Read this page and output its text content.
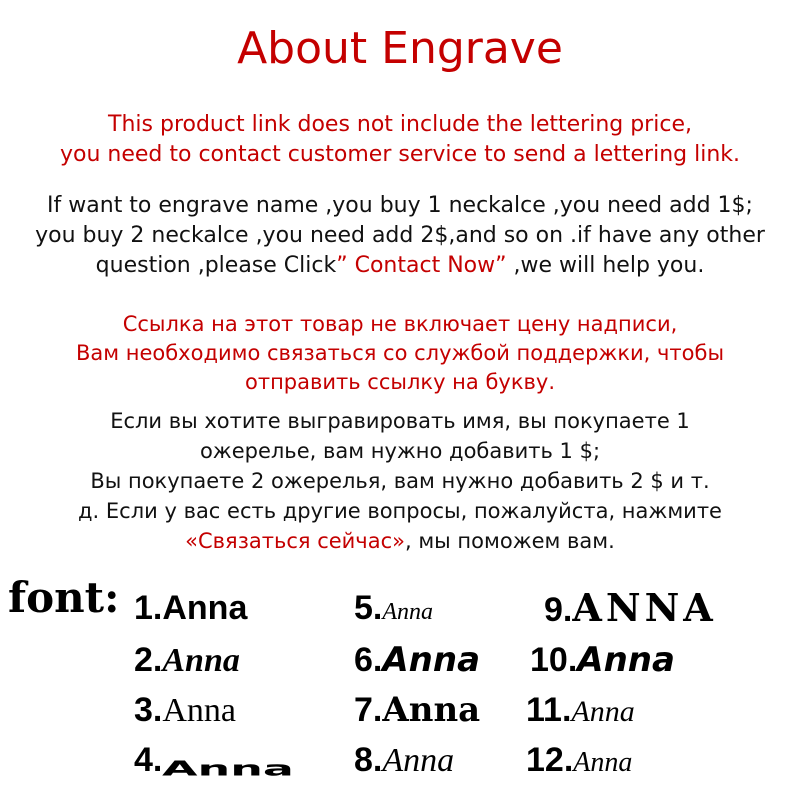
About Engrave
This product link does not include the lettering price,
you need to contact customer service to send a lettering link.
If want to engrave name ,you buy 1 neckalce ,you need add 1$;
you buy 2 neckalce ,you need add 2$,and so on .if have any other
question ,please Click” Contact Now” ,we will help you.
Ссылка на этот товар не включает цену надписи,
Вам необходимо связаться со службой поддержки, чтобы
отправить ссылку на букву.
Если вы хотите выгравировать имя, вы покупаете 1
ожерелье, вам нужно добавить 1 $;
Вы покупаете 2 ожерелья, вам нужно добавить 2 $ и т.
д. Если у вас есть другие вопросы, пожалуйста, нажмите
«Связаться сейчас», мы поможем вам.
font: 1.Anna
2.Anna
3.Anna
4.Anna
5.Anna
6.Anna
7.Anna
8.Anna
9.ANNA
10.Anna
11.Anna
12.Anna
